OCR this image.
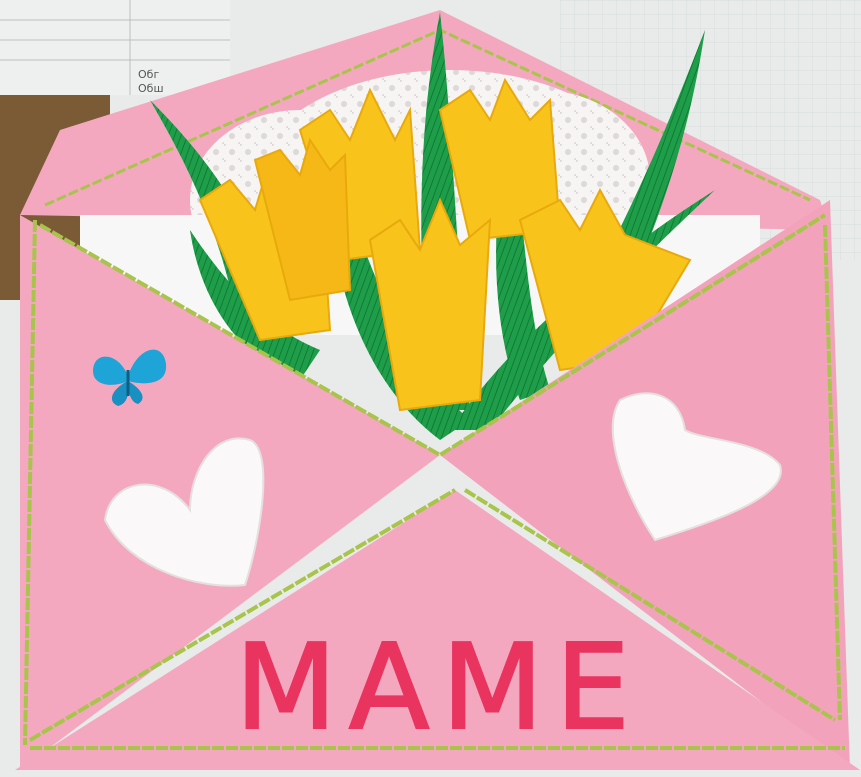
Обг
Обш
МАМЕ
